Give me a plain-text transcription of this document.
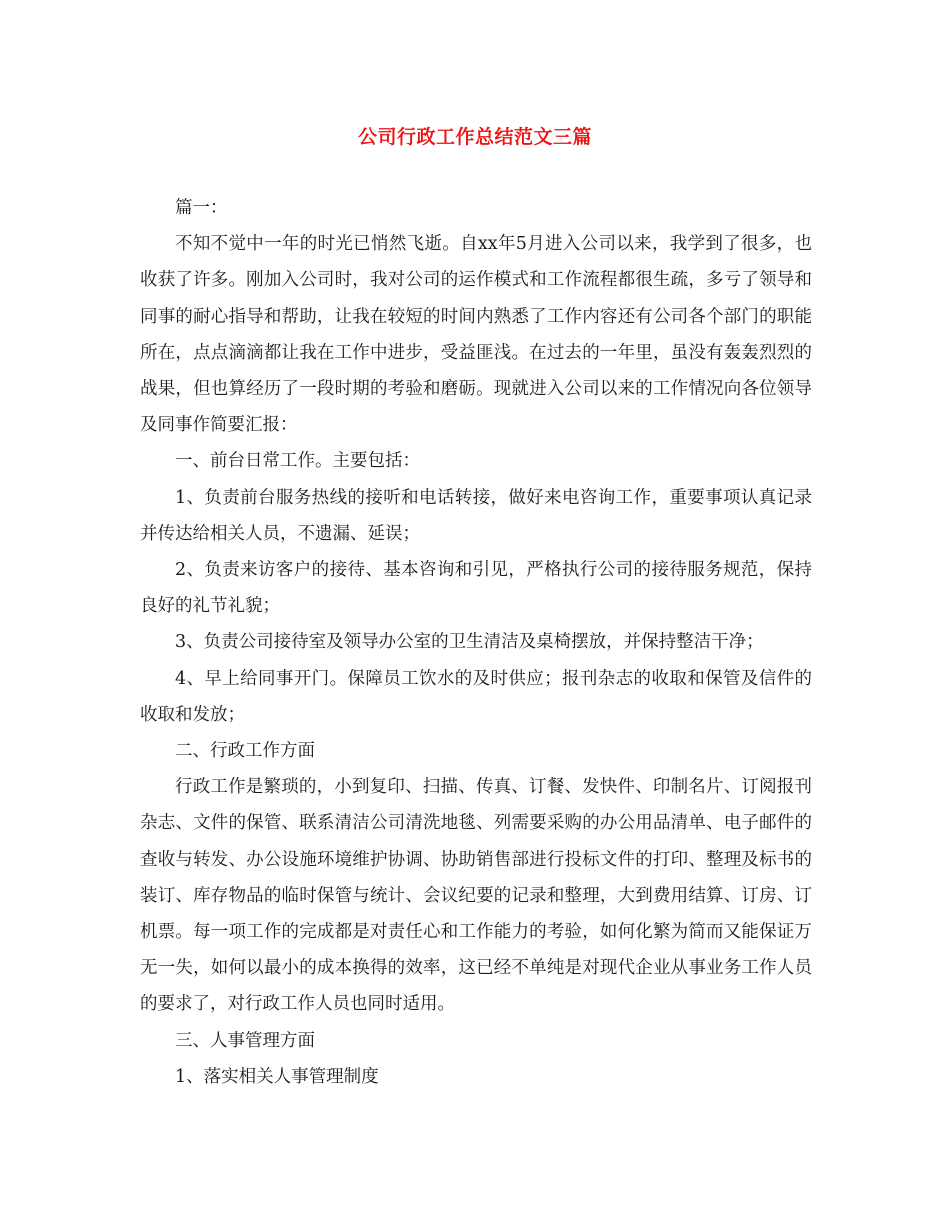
公司行政工作总结范文三篇

篇一：

不知不觉中一年的时光已悄然飞逝。自xx年5月进入公司以来，我学到了很多，也收获了许多。刚加入公司时，我对公司的运作模式和工作流程都很生疏，多亏了领导和同事的耐心指导和帮助，让我在较短的时间内熟悉了工作内容还有公司各个部门的职能所在，点点滴滴都让我在工作中进步，受益匪浅。在过去的一年里，虽没有轰轰烈烈的战果，但也算经历了一段时期的考验和磨砺。现就进入公司以来的工作情况向各位领导及同事作简要汇报：

一、前台日常工作。主要包括：

1、负责前台服务热线的接听和电话转接，做好来电咨询工作，重要事项认真记录并传达给相关人员，不遗漏、延误；

2、负责来访客户的接待、基本咨询和引见，严格执行公司的接待服务规范，保持良好的礼节礼貌；

3、负责公司接待室及领导办公室的卫生清洁及桌椅摆放，并保持整洁干净；

4、早上给同事开门。保障员工饮水的及时供应；报刊杂志的收取和保管及信件的收取和发放；

二、行政工作方面

行政工作是繁琐的，小到复印、扫描、传真、订餐、发快件、印制名片、订阅报刊杂志、文件的保管、联系清洁公司清洗地毯、列需要采购的办公用品清单、电子邮件的查收与转发、办公设施环境维护协调、协助销售部进行投标文件的打印、整理及标书的装订、库存物品的临时保管与统计、会议纪要的记录和整理，大到费用结算、订房、订机票。每一项工作的完成都是对责任心和工作能力的考验，如何化繁为简而又能保证万无一失，如何以最小的成本换得的效率，这已经不单纯是对现代企业从事业务工作人员的要求了，对行政工作人员也同时适用。

三、人事管理方面

1、落实相关人事管理制度
